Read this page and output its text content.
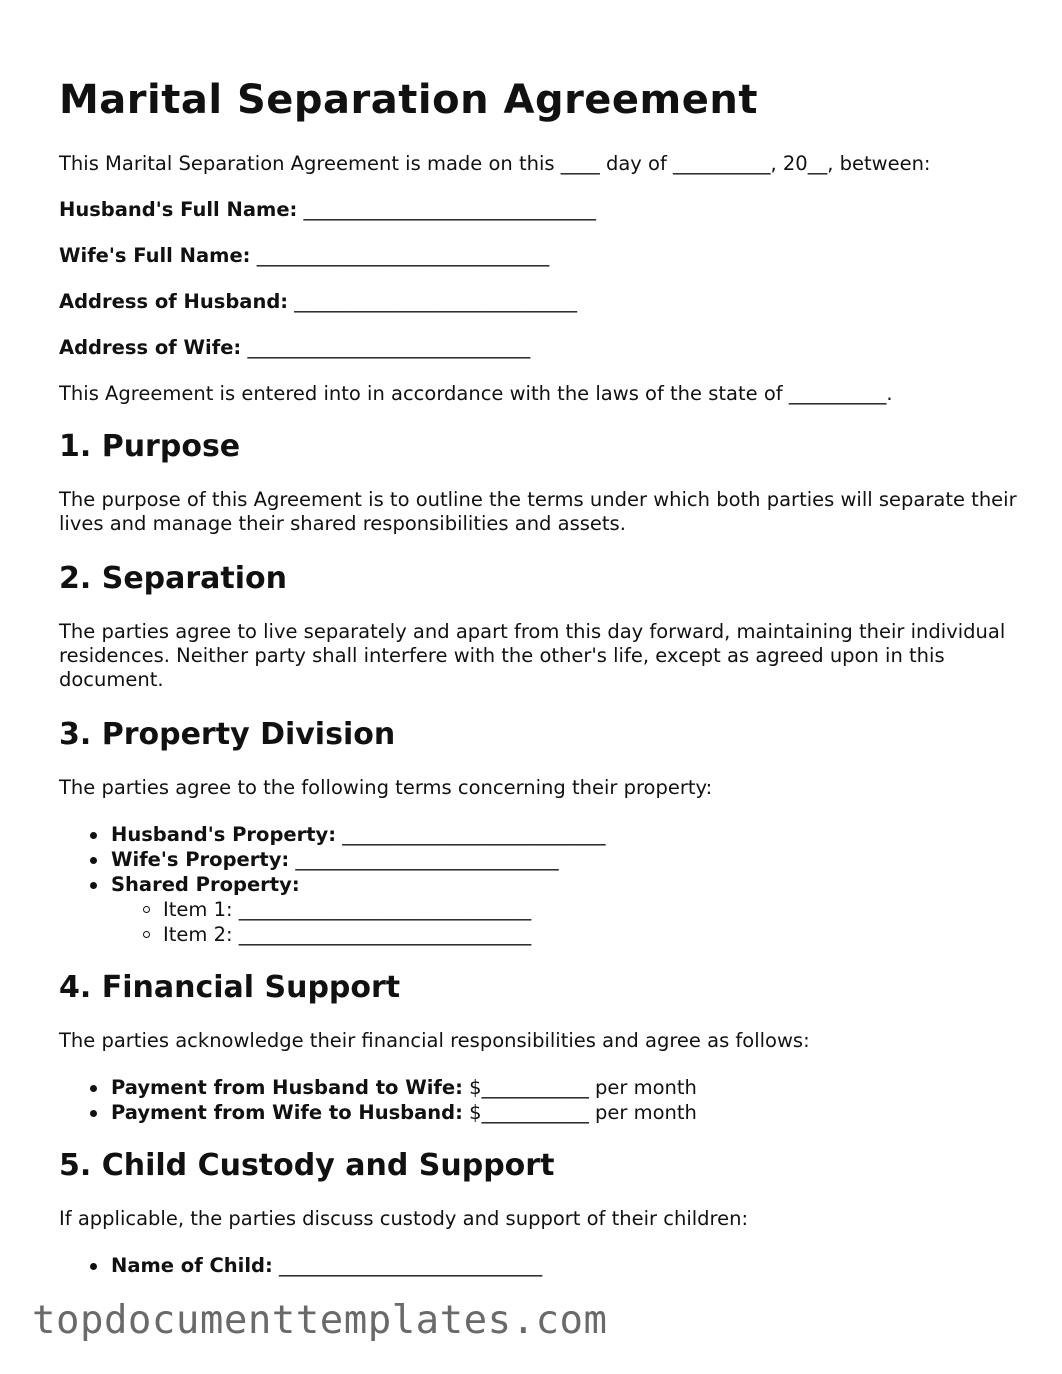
Marital Separation Agreement

This Marital Separation Agreement is made on this ____ day of __________, 20__, between:

Husband's Full Name: ______________________________
Wife's Full Name: ______________________________
Address of Husband: _____________________________
Address of Wife: _____________________________

This Agreement is entered into in accordance with the laws of the state of __________.

1. Purpose

The purpose of this Agreement is to outline the terms under which both parties will separate their lives and manage their shared responsibilities and assets.

2. Separation

The parties agree to live separately and apart from this day forward, maintaining their individual residences. Neither party shall interfere with the other's life, except as agreed upon in this document.

3. Property Division

The parties agree to the following terms concerning their property:

Husband's Property: ___________________________
Wife's Property: ___________________________
Shared Property:
Item 1: ______________________________
Item 2: ______________________________
4. Financial Support

The parties acknowledge their financial responsibilities and agree as follows:

Payment from Husband to Wife: $___________ per month
Payment from Wife to Husband: $___________ per month
5. Child Custody and Support

If applicable, the parties discuss custody and support of their children:

Name of Child: ___________________________
topdocumenttemplates.com
